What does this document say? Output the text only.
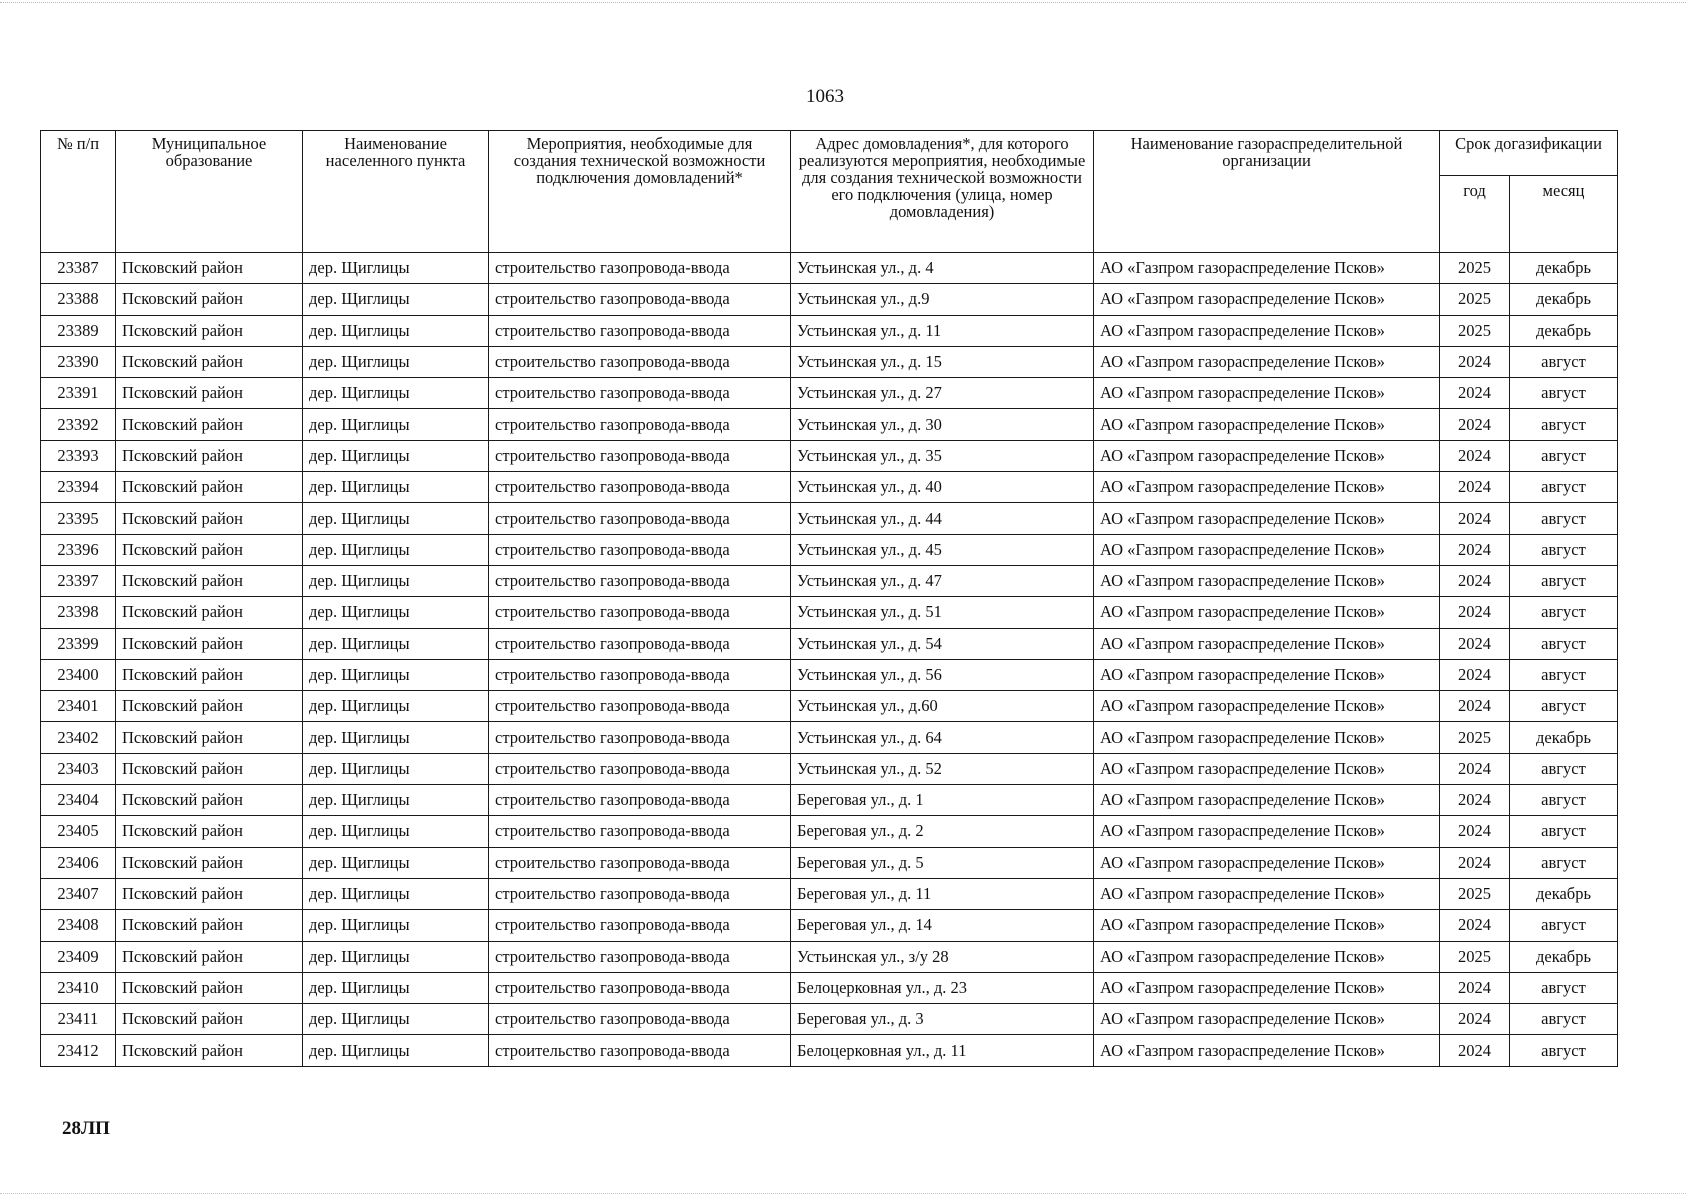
1063
№ п/п	Муниципальное образование	Наименование населенного пункта	Мероприятия, необходимые для создания технической возможности подключения домовладений*	Адрес домовладения*, для которого реализуются мероприятия, необходимые для создания технической возможности его подключения (улица, номер домовладения)	Наименование газораспределительной организации	Срок догазификации	
						год	месяц
23387	Псковский район	дер. Щиглицы	строительство газопровода-ввода	Устьинская ул., д. 4	АО «Газпром газораспределение Псков»	2025	декабрь
23388	Псковский район	дер. Щиглицы	строительство газопровода-ввода	Устьинская ул., д.9	АО «Газпром газораспределение Псков»	2025	декабрь
23389	Псковский район	дер. Щиглицы	строительство газопровода-ввода	Устьинская ул., д. 11	АО «Газпром газораспределение Псков»	2025	декабрь
23390	Псковский район	дер. Щиглицы	строительство газопровода-ввода	Устьинская ул., д. 15	АО «Газпром газораспределение Псков»	2024	август
23391	Псковский район	дер. Щиглицы	строительство газопровода-ввода	Устьинская ул., д. 27	АО «Газпром газораспределение Псков»	2024	август
23392	Псковский район	дер. Щиглицы	строительство газопровода-ввода	Устьинская ул., д. 30	АО «Газпром газораспределение Псков»	2024	август
23393	Псковский район	дер. Щиглицы	строительство газопровода-ввода	Устьинская ул., д. 35	АО «Газпром газораспределение Псков»	2024	август
23394	Псковский район	дер. Щиглицы	строительство газопровода-ввода	Устьинская ул., д. 40	АО «Газпром газораспределение Псков»	2024	август
23395	Псковский район	дер. Щиглицы	строительство газопровода-ввода	Устьинская ул., д. 44	АО «Газпром газораспределение Псков»	2024	август
23396	Псковский район	дер. Щиглицы	строительство газопровода-ввода	Устьинская ул., д. 45	АО «Газпром газораспределение Псков»	2024	август
23397	Псковский район	дер. Щиглицы	строительство газопровода-ввода	Устьинская ул., д. 47	АО «Газпром газораспределение Псков»	2024	август
23398	Псковский район	дер. Щиглицы	строительство газопровода-ввода	Устьинская ул., д. 51	АО «Газпром газораспределение Псков»	2024	август
23399	Псковский район	дер. Щиглицы	строительство газопровода-ввода	Устьинская ул., д. 54	АО «Газпром газораспределение Псков»	2024	август
23400	Псковский район	дер. Щиглицы	строительство газопровода-ввода	Устьинская ул., д. 56	АО «Газпром газораспределение Псков»	2024	август
23401	Псковский район	дер. Щиглицы	строительство газопровода-ввода	Устьинская ул., д.60	АО «Газпром газораспределение Псков»	2024	август
23402	Псковский район	дер. Щиглицы	строительство газопровода-ввода	Устьинская ул., д. 64	АО «Газпром газораспределение Псков»	2025	декабрь
23403	Псковский район	дер. Щиглицы	строительство газопровода-ввода	Устьинская ул., д. 52	АО «Газпром газораспределение Псков»	2024	август
23404	Псковский район	дер. Щиглицы	строительство газопровода-ввода	Береговая ул., д. 1	АО «Газпром газораспределение Псков»	2024	август
23405	Псковский район	дер. Щиглицы	строительство газопровода-ввода	Береговая ул., д. 2	АО «Газпром газораспределение Псков»	2024	август
23406	Псковский район	дер. Щиглицы	строительство газопровода-ввода	Береговая ул., д. 5	АО «Газпром газораспределение Псков»	2024	август
23407	Псковский район	дер. Щиглицы	строительство газопровода-ввода	Береговая ул., д. 11	АО «Газпром газораспределение Псков»	2025	декабрь
23408	Псковский район	дер. Щиглицы	строительство газопровода-ввода	Береговая ул., д. 14	АО «Газпром газораспределение Псков»	2024	август
23409	Псковский район	дер. Щиглицы	строительство газопровода-ввода	Устьинская ул., з/у 28	АО «Газпром газораспределение Псков»	2025	декабрь
23410	Псковский район	дер. Щиглицы	строительство газопровода-ввода	Белоцерковная ул., д. 23	АО «Газпром газораспределение Псков»	2024	август
23411	Псковский район	дер. Щиглицы	строительство газопровода-ввода	Береговая ул., д. 3	АО «Газпром газораспределение Псков»	2024	август
23412	Псковский район	дер. Щиглицы	строительство газопровода-ввода	Белоцерковная ул., д. 11	АО «Газпром газораспределение Псков»	2024	август
28ЛП
